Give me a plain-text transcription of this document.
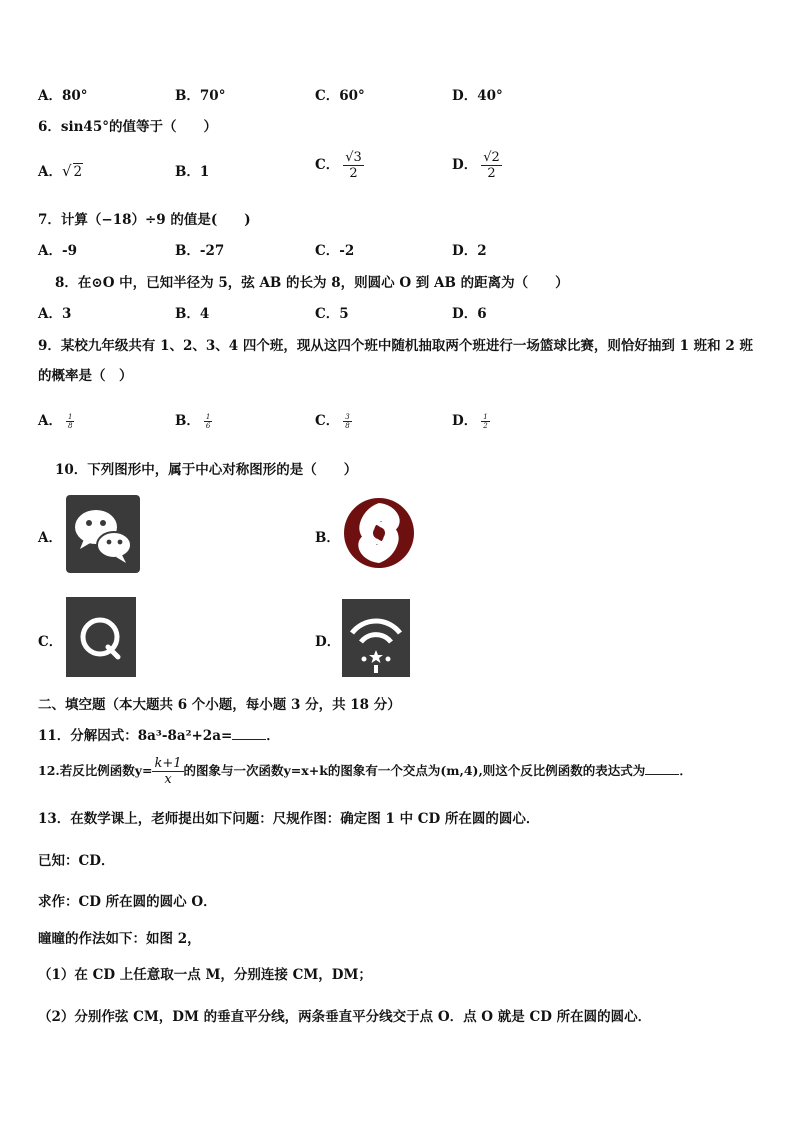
A．80°	B．70°	C．60°	D．40°
6．sin45°的值等于（　　）
A．√ 2	B．1	C． $\frac{√3}{2}$	D． $\frac{√2}{2}$
7．计算（−18）÷9 的值是(　　)
A．-9	B．-27	C．-2	D．2
8．在⊙O 中，已知半径为 5，弦 AB 的长为 8，则圆心 O 到 AB 的距离为（　　）
A．3	B．4	C．5	D．6
9．某校九年级共有 1、2、3、4 四个班，现从这四个班中随机抽取两个班进行一场篮球比赛，则恰好抽到 1 班和 2 班
的概率是（　）
A． $\frac{1}{8}$	B． $\frac{1}{6}$	C． $\frac{3}{8}$	D． $\frac{1}{2}$
10．下列图形中，属于中心对称图形的是（　　）
A．	B．
C．	D．
二、填空题（本大题共 6 个小题，每小题 3 分，共 18 分）
11．分解因式：8a³-8a²+2a=	．
12.若反比例函数$y= \frac{k+1}{x}$ 的图象与一次函数y=x+k的图象有一个交点为(m,4),则这个反比例函数的表达式为	．
13．在数学课上，老师提出如下问题：尺规作图：确定图 1 中 CD 所在圆的圆心．
已知：CD．
求作：CD 所在圆的圆心 O．
曈曈的作法如下：如图 2，
（1）在 CD 上任意取一点 M，分别连接 CM，DM；
（2）分别作弦 CM，DM 的垂直平分线，两条垂直平分线交于点 O．点 O 就是 CD 所在圆的圆心．
